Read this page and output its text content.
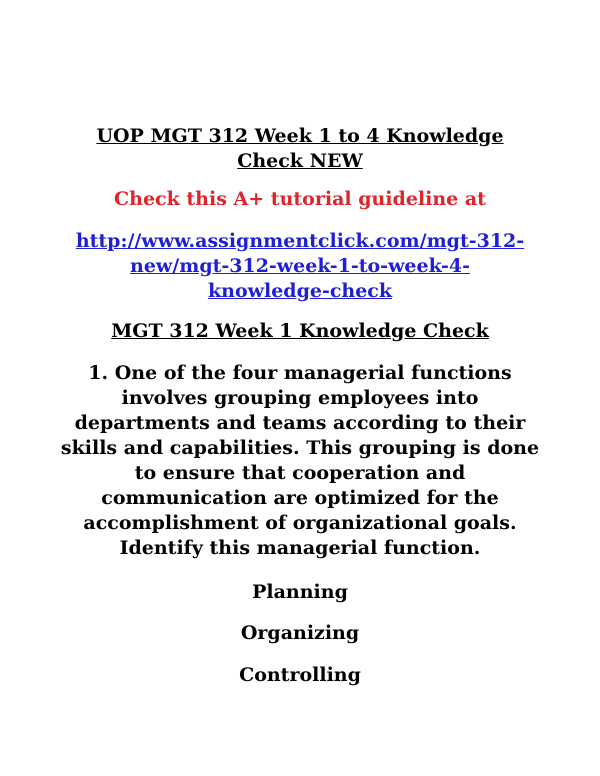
UOP MGT 312 Week 1 to 4 Knowledge Check NEW
Check this A+ tutorial guideline at
http://www.assignmentclick.com/mgt-312-new/mgt-312-week-1-to-week-4-knowledge-check
MGT 312 Week 1 Knowledge Check
1. One of the four managerial functions involves grouping employees into departments and teams according to their skills and capabilities. This grouping is done to ensure that cooperation and communication are optimized for the accomplishment of organizational goals. Identify this managerial function.
Planning
Organizing
Controlling
